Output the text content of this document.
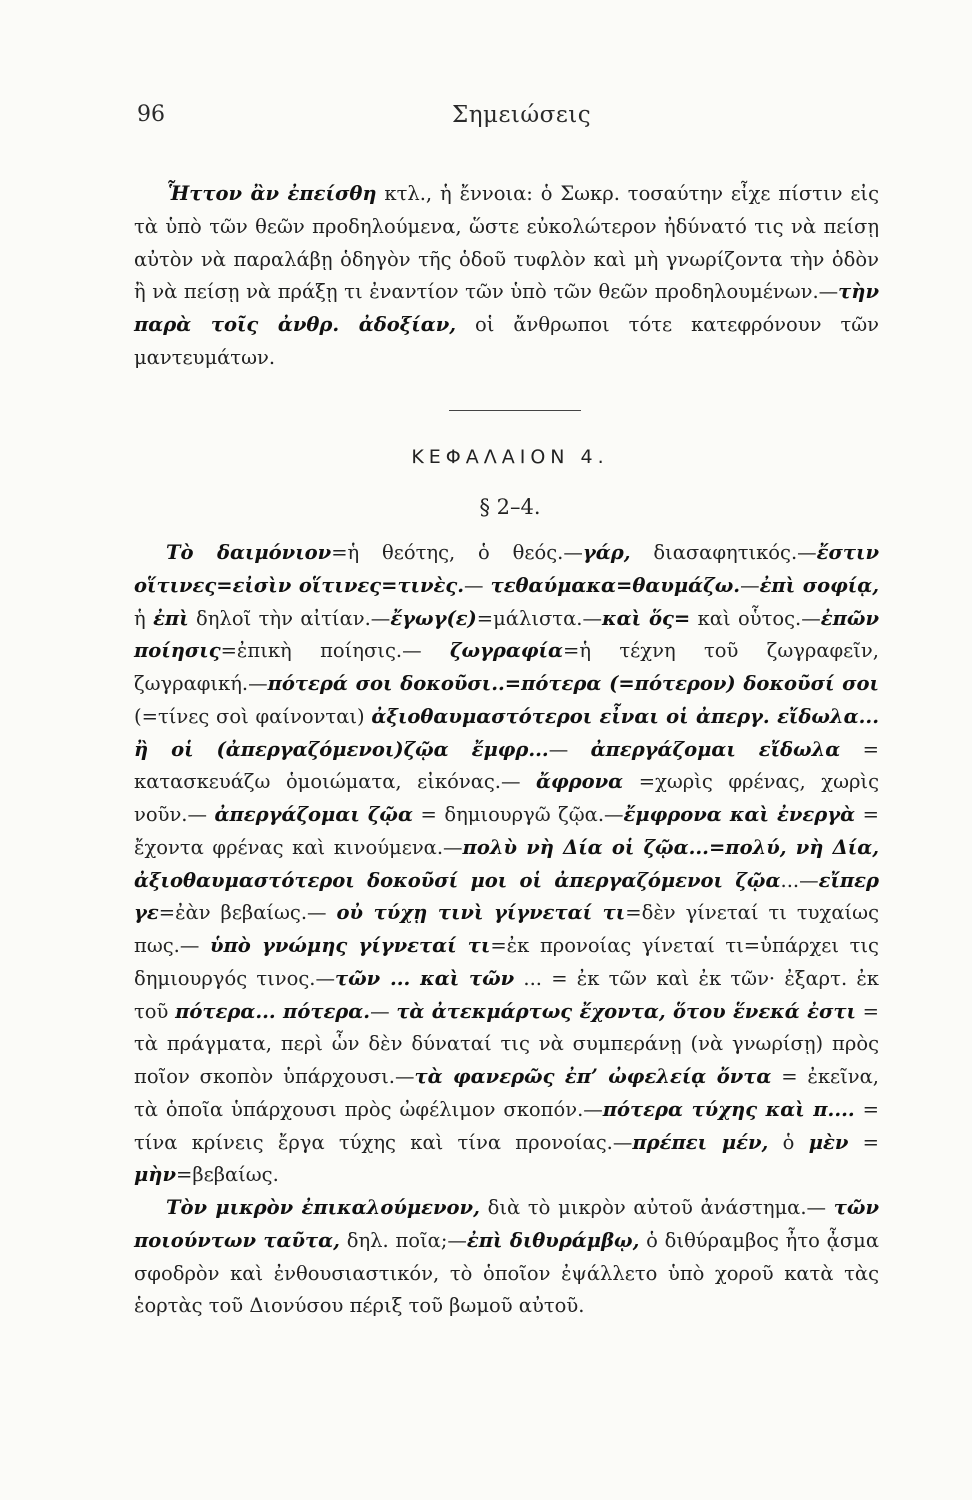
96	Σημειώσεις

Ἧττον ἂν ἐπείσθη κτλ., ἡ ἔννοια: ὁ Σωκρ. τοσαύτην εἶχε πίστιν εἰς τὰ ὑπὸ τῶν θεῶν προδηλούμενα, ὥστε εὐκολώτερον ἠδύνατό τις νὰ πείσῃ αὐτὸν νὰ παραλάβῃ ὁδηγὸν τῆς ὁδοῦ τυφλὸν καὶ μὴ γνωρίζοντα τὴν ὁδὸν ἢ νὰ πείσῃ νὰ πράξῃ τι ἐναντίον τῶν ὑπὸ τῶν θεῶν προδηλουμένων.—τὴν παρὰ τοῖς ἀνθρ. ἀδοξίαν, οἱ ἄνθρωποι τότε κατεφρόνουν τῶν μαντευμάτων.

ΚΕΦΑΛΑΙΟΝ 4.
§ 2–4.

Τὸ δαιμόνιον=ἡ θεότης, ὁ θεός.—γάρ, διασαφητικός.—ἔστιν οἵτινες=εἰσὶν οἵτινες=τινὲς.— τεθαύμακα=θαυμάζω.—ἐπὶ σοφίᾳ, ἡ ἐπὶ δηλοῖ τὴν αἰτίαν.—ἔγωγ(ε)=μάλιστα.—καὶ ὅς= καὶ οὗτος.—ἐπῶν ποίησις=ἐπικὴ ποίησις.— ζωγραφία=ἡ τέχνη τοῦ ζωγραφεῖν, ζωγραφική.—πότερά σοι δοκοῦσι..=πότερα (=πότερον) δοκοῦσί σοι (=τίνες σοὶ φαίνονται) ἀξιοθαυμαστότεροι εἶναι οἱ ἀπεργ. εἴδωλα... ἢ οἱ (ἀπεργαζόμενοι)ζῷα ἔμφρ...— ἀπεργάζομαι εἴδωλα = κατασκευάζω ὁμοιώματα, εἰκόνας.— ἄφρονα =χωρὶς φρένας, χωρὶς νοῦν.— ἀπεργάζομαι ζῷα = δημιουργῶ ζῷα.—ἔμφρονα καὶ ἐνεργὰ = ἔχοντα φρένας καὶ κινούμενα.—πολὺ νὴ Δία οἱ ζῷα...=πολύ, νὴ Δία, ἀξιοθαυμαστότεροι δοκοῦσί μοι οἱ ἀπεργαζόμενοι ζῷα...—εἴπερ γε=ἐὰν βεβαίως.— οὐ τύχῃ τινὶ γίγνεταί τι=δὲν γίνεταί τι τυχαίως πως.— ὑπὸ γνώμης γίγνεταί τι=ἐκ προνοίας γίνεταί τι=ὑπάρχει τις δημιουργός τινος.—τῶν ... καὶ τῶν ... = ἐκ τῶν καὶ ἐκ τῶν· ἐξαρτ. ἐκ τοῦ πότερα... πότερα.— τὰ ἀτεκμάρτως ἔχοντα, ὅτου ἕνεκά ἐστι = τὰ πράγματα, περὶ ὧν δὲν δύναταί τις νὰ συμπεράνῃ (νὰ γνωρίσῃ) πρὸς ποῖον σκοπὸν ὑπάρχουσι.—τὰ φανερῶς ἐπ’ ὠφελείᾳ ὄντα = ἐκεῖνα, τὰ ὁποῖα ὑπάρχουσι πρὸς ὠφέλιμον σκοπόν.—πότερα τύχης καὶ π.... = τίνα κρίνεις ἔργα τύχης καὶ τίνα προνοίας.—πρέπει μέν, ὁ μὲν = μὴν=βεβαίως.

Τὸν μικρὸν ἐπικαλούμενον, διὰ τὸ μικρὸν αὐτοῦ ἀνάστημα.— τῶν ποιούντων ταῦτα, δηλ. ποῖα;—ἐπὶ διθυράμβῳ, ὁ διθύραμβος ἦτο ᾆσμα σφοδρὸν καὶ ἐνθουσιαστικόν, τὸ ὁποῖον ἐψάλλετο ὑπὸ χοροῦ κατὰ τὰς ἑορτὰς τοῦ Διονύσου πέριξ τοῦ βωμοῦ αὐτοῦ.
